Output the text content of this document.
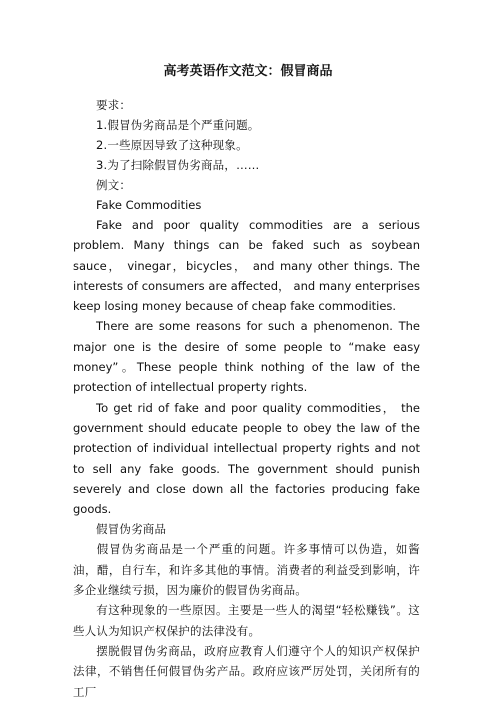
高考英语作文范文：假冒商品
要求：
1.假冒伪劣商品是个严重问题。
2.一些原因导致了这种现象。
3.为了扫除假冒伪劣商品，……
例文：
Fake Commodities
Fake and poor quality commodities are a serious problem. Many things can be faked such as soybean sauce， vinegar，bicycles， and many other things. The interests of consumers are affected， and many enterprises keep losing money because of cheap fake commodities.
There are some reasons for such a phenomenon. The major one is the desire of some people to “make easy money”。These people think nothing of the law of the protection of intellectual property rights.
To get rid of fake and poor quality commodities， the government should educate people to obey the law of the protection of individual intellectual property rights and not to sell any fake goods. The government should punish severely and close down all the factories producing fake goods.
假冒伪劣商品
假冒伪劣商品是一个严重的问题。许多事情可以伪造，如酱油，醋，自行车，和许多其他的事情。消费者的利益受到影响，许多企业继续亏损，因为廉价的假冒伪劣商品。
有这种现象的一些原因。主要是一些人的渴望“轻松赚钱”。这些人认为知识产权保护的法律没有。
摆脱假冒伪劣商品，政府应教育人们遵守个人的知识产权保护法律，不销售任何假冒伪劣产品。政府应该严厉处罚，关闭所有的工厂
